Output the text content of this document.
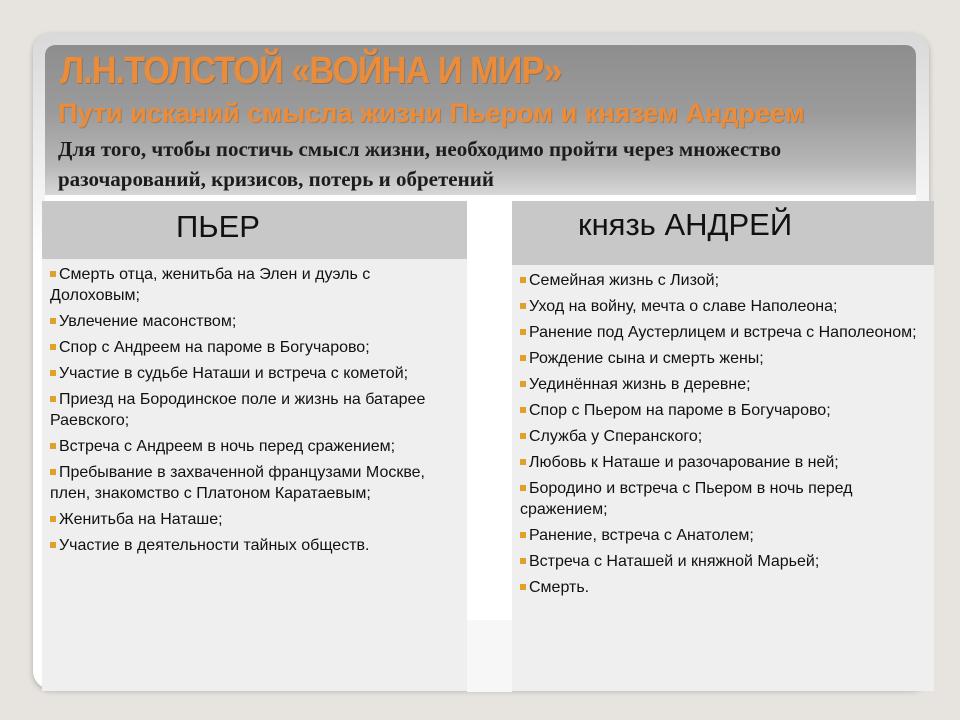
Л.Н.ТОЛСТОЙ «ВОЙНА И МИР»
Пути исканий смысла жизни Пьером и князем Андреем

Для того, чтобы постичь смысл жизни, необходимо пройти через множество разочарований, кризисов, потерь и обретений

ПЬЕР
Смерть отца, женитьба на Элен и дуэль с Долоховым;
Увлечение масонством;
Спор с Андреем на пароме в Богучарово;
Участие в судьбе Наташи и встреча с кометой;
Приезд на Бородинское поле и жизнь на батарее Раевского;
Встреча с Андреем в ночь перед сражением;
Пребывание в захваченной французами Москве, плен, знакомство с Платоном Каратаевым;
Женитьба на Наташе;
Участие в деятельности тайных обществ.
князь АНДРЕЙ
Семейная жизнь с Лизой;
Уход на войну, мечта о славе Наполеона;
Ранение под Аустерлицем и встреча с Наполеоном;
Рождение сына и смерть жены;
Уединённая жизнь в деревне;
Спор с Пьером на пароме в Богучарово;
Служба у Сперанского;
Любовь к Наташе и разочарование в ней;
Бородино и встреча с Пьером в ночь перед сражением;
Ранение, встреча с Анатолем;
Встреча с Наташей и княжной Марьей;
Смерть.
